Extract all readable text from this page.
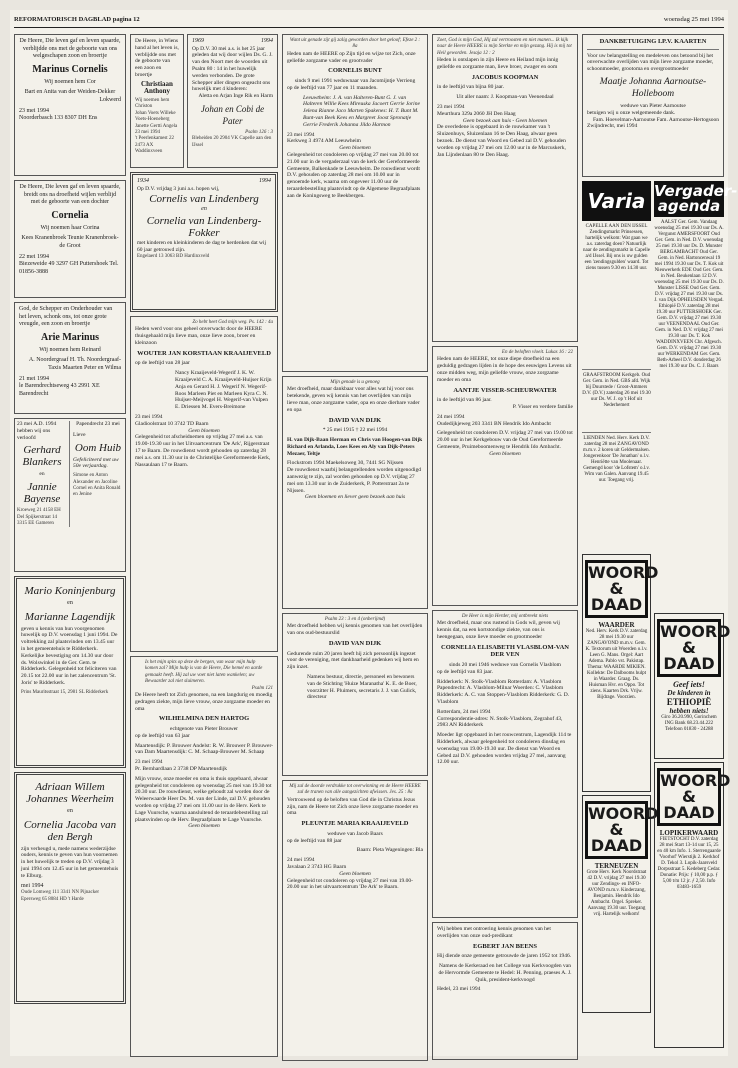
REFORMATORISCH DAGBLAD pagina 12	woensdag 25 mei 1994
De Heere, Die leven gaf en leven spaarde, verblijdde ons met de geboorte van ons welgeschapen zoon en broertje
Marinus Cornelis
Wij noemen hem Cor
Bart en Anita van der Weiden-Dekker
Lokwerd
23 mei 1994
Noorderbasch 133 8307 DH Ens
De Heere, Die leven gaf en leven spaarde, breidt ons na droefheid wijlen verblijd met de geboorte van een dochter
Cornelia
Wij noemen haar Corina
Kees Kranenbroek Teunie Kranenbroek-de Groot
22 mei 1994
Biezeweide 49 3297 GH Puttershoek Tel. 01856-3888
God, de Schepper en Onderhouder van het leven, schonk ons, tot onze grote vreugde, een zoon en broertje
Arie Marinus
Wij noemen hem Reinard
A. Noordergraaf H. Th. Noordergraaf-Taxis Maarten Peter en Wilma
21 mei 1994
le Barendrechtseweg 43 2991 XE Barendrecht
23 mei A.D. 1994 hebben wij ons verloofd
Gerhard Blankers
en
Jannie Bayense
Kroeweg 21 4158 EH Del Spijkerstraat 14 3315 EE Gameren
Papendrecht 23 mei
Lieve
Oom Huib
Gefeliciteerd met uw 50e verjaardag.
Simone en Anton Alexander en Jacoline Cornel en Anita Ronald en Jenine
Mario Koninjenburg
en
Marianne Lagendijk
geven u kennis van hun voorgenomen huwelijk op D.V. woensdag 1 juni 1994. De voltrekking zal plaatsvinden om 13.45 uur in het gemeentehuis te Ridderkerk. Kerkelijke bevestiging om 14.30 uur door ds. Wolswinkel in de Ger. Gem. te Ridderkerk. Gelegenheid tot feliciteren van 20.15 tot 22.00 uur in het zalencentrum 'St. Joris' te Ridderkerk.
Prins Mauritsstraat 15, 2981 SL Ridderkerk
Adriaan Willem Johannes Weerheim
en
Cornelia Jacoba van den Bergh
zijn verheugd u, mede namens wederzijdse ouders, kennis te geven van hun voornemen in het huwelijk te treden op D.V. vrijdag 3 juni 1994 om 12.45 uur in het gemeentehuis te Elburg.
mei 1994
Oude Lomweg 111 3341 NN Pijnacker Epersweg 65 8084 HD 't Harde
De Heere, in Wiens hand al het leven is, verblijdde ons met de geboorte van een zoon en broertje
Christiaan Anthony
Wij noemen hem Christon
Johan Voets Willeke Voets-Hoeneberg Janette Gertti Angela
23 mei 1994
't Peerlenkamest 22 2473 AX Waddinxveen
1969	1994
Op D.V. 30 mei a.s. is het 25 jaar geleden dat wij door wijlen Ds. G. J. van den Noort met de woorden uit Psalm 80 : 14 in het huwelijk werden verbonden. De grote Schepper aller dingen ongeacht ons huwelijk met 4 kinderen:
Aletta en Arjan Inge Rik en Harm
Johan en Cobi de Pater
Psalm 126 : 3
Bleheiden 20 2904 VK Capelle aan den IJssel
1934	1994
Op D.V. vrijdag 3 juni a.s. hopen wij,
Cornelis van Lindenberg
en
Cornelia van Lindenberg-Fokker
met kinderen en kleinkinderen de dag te herdenken dat wij 60 jaar getrouwd zijn.
Engelaerd 13 3063 BD Hardinxveld
Zo hebt heet God mijn weg. Ps. 142 : 4a
Heden werd voor ons geheel onverwacht door de HEERE thuisgehaald mijn lieve man, onze lieve zoon, broer en kleinzoon
WOUTER JAN KORSTIAAN KRAAIJEVELD
op de leeftijd van 28 jaar
Nancy Kraaijeveld-Wegerif J. K. W. Kraaijeveld C. A. Kraaijeveld-Huijser Krijn Anja en Gerard H. J. Wegerif N. Wegerif-Roos Marleen Piet en Marleen Kyra C. N. Huijser-Meijvogel H. Wegerif-van Vulpen E. Driessen M. Evers-Breimone
23 mei 1994
Gladioolstraat 10 3742 TD Baarn
Geen bloemen
Gelegenheid tot afscheidnemen op vrijdag 27 mei a.s. van 19.00-19.30 uur in het Uitvaartcentrum 'De Ark', Rijgerstraat 17 te Baarn. De rouwdienst wordt gehouden op zaterdag 28 mei a.s. om 11.30 uur in de Christelijke Gereformeerde Kerk, Nassaulaan 17 te Baarn.
Is het mijn spits op deze de bergen, van waar mijn hulp komen zal? Mijn hulp is van de Heere, Die hemel en aarde gemaakt heeft. Hij zal uw voet niet laten wankelen; uw Bewaarder zal niet sluimeren.
Psalm 121
De Heere heeft tot Zich genomen, na een langdurig en moedig gedragen ziekte, mijn lieve vrouw, onze zorgzame moeder en oma
WILHELMINA DEN HARTOG
echtgenote van Pieter Brouwer
op de leeftijd van 63 jaar
Maartensdijk: P. Brouwer Andelst: R. W. Brouwer P. Brouwer-van Dam Maartensdijk: C. M. Schaap-Brouwer M. Schaap
23 mei 1994
Pr. Bernhardlaan 2 3738 DP Maartensdijk
Mijn vrouw, onze moeder en oma is thuis opgebaard, alwaar gelegenheid tot condoleren op woensdag 25 mei van 19.30 tot 20.30 uur. De rouwdienst, welke gehoudt zal worden door de Weleerwaarde Heer Ds. M. van der Linde, zal D.V. gehouden worden op vrijdag 27 mei om 11.00 uur in de Herv. Kerk te Lage Vuursche, waarna aansluitend de teraardebestelling zal plaatsvinden op de Herv. Begraafplaats te Lage Vuursche.
Geen bloemen
Want uit genade zijt gij zalig geworden door het geloof; Efeze 2 : 8a
Heden nam de HEERE op Zijn tijd en wijze tot Zich, onze geliefde zorgzame vader en grootvader
CORNELIS BUNT
sinds 9 mei 1991 weduwnaar van Jacomijntje Verrieng
op de leeftijd van 77 jaar en 11 maanden.
Leeuwtheim: J. A. van Halteren-Bunt G. J. van Halteren Willie Kees Mireuska Jacoert Gerrie Jorine Jelena Rianne Jaco Marten Spakenes: H. T. Bunt M. Bunt-van Beek Kees en Margreet Joost Spronatje Gerrie Frederik Johanna Jildo Harmon
23 mei 1994
Kerkweg 3 4974 AM Leeuwheim
Geen bloemen
Gelegenheid tot condoleren op vrijdag 27 mei van 20.00 tot 21.00 uur in de vergaderzaal van de kerk der Gereformeerde Gemeente, Balkenkade te Leeuwheim. De rouwdienst wordt D.V. gehouden op zaterdag 28 mei om 10.00 uur in genoemde kerk, waarna om ongeveer 11.00 uur de teraardebestelling plaatsvindt op de Algemene Begraafplaats aan de Koningsweg te Beekbergen.
Mijn genade is u genoeg
Met droefheid, maar dankbaar voor alles wat hij voor ons betekende, geven wij kennis van het overlijden van mijn lieve man, onze zorgzame vader, opa en onze dierbare vader en opa
DAVID VAN DIJK
* 25 mei 1915 † 22 mei 1994
H. van Dijk-Baan Herman en Chris van Hoogen-van Dijk Richard en Arlanda, Loes Kees en Aly van Dijk-Peters Mezaer, Teltje
Flockstrom 1994 Maekelsoweg 30, 7441 SG Nijssen
De rouwdienst waarbij belangstellenden worden uitgenodigd aanwezig te zijn, zal worden gehouden op D.V. vrijdag 27 mei om 13.30 uur in de Zuiderkerk, P. Potterstraat 2a te Nijssen.
Geen bloemen en liever geen bezoek aan huis
Psalm 23 : 3 en 4 (onberijmd)
Met droefheid hebben wij kennis genomen van het overlijden van ons oud-bestuurslid
DAVID VAN DIJK
Gedurende ruim 20 jaren heeft hij zich persoonlijk ingezet voor de vereniging, met dankbaarheid gedenken wij hem en zijn inzet.
Namens bestuur, directie, personeel en bewoners van de Stichting 'Huize Maranatha' K. E. de Boer, voorzitter H. Pluimers, secretaris J. J. van Gulick, directeur
Mij zal de doorde verdrukke tot overwinning en de Heere HEERE zal de tranen van alle aangezichten afwissen. Jes. 25 : 8a
Vertrouwend op de beloften van God die in Christus Jezus zijn, nam de Heere tot Zich onze lieve zorgzame moeder en oma
PLEUNTJE MARIA KRAAIJEVELD
weduwe van Jacob Baars
op de leeftijd van 88 jaar
Baarn: Pieta Wageningen: Bla
24 mei 1994
Javalaan 2 3743 HG Baarn
Geen bloemen
Gelegenheid tot condoleren op vrijdag 27 mei van 19.00-20.00 uur in het uitvaartcentrum 'De Ark' te Baarn.
Zoet, God is mijn God, Hij zal vertroosten en niet manen... Ik kijk naar de Heere HEERE is mijn Sterkte en mijn gezang. Hij is mij tot Heil geworden. Jesaja 12 : 2
Heden is ontslapen in zijn Heere en Heiland mijn innig geliefde en zorgzame man, lieve broer, zwager en oom
JACOBUS KOOPMAN
in de leeftijd van bijna 80 jaar.
Uit aller naam: J. Koopman-van Veenendaal
23 mei 1994
Meurthura 329a 2060 JH Den Haag
Geen bezoek aan huis - Geen bloemen
De overledene is opgebaard in de rouwkamer van 't Sluizenhuys, Sluizenlaan 16 te Den Haag, alwaar geen bezoek. De dienst van Woord en Gebed zal D.V. gehouden worden op vrijdag 27 mei om 12.00 uur in de Marcuskerk, Jan Lijndenlaan 80 te Den Haag.
En de beloften vloeit. Lukas 16 : 22
Heden nam de HEERE, tot onze diepe droefheid na een geduldig gedragen lijden in de hope des eeuwigen Levens uit onze midden weg, mijn geliefde vrouw, onze zorgzame moeder en oma
AANTJE VISSER-SCHEURWATER
in de leeftijd van 86 jaar.
P. Visser en verdere familie
24 mei 1994
Oudedijkjeweg 203 3341 BN Hendrik Ido Ambacht
Gelegenheid tot condoleren D.V. vrijdag 27 mei van 19.00 tot 20.00 uur in het Kerkgebouw van de Oud Gereformeerde Gemeente, Pruimeboomenweg te Hendrik Ido Ambacht.
Geen bloemen
De Heer is mijn Herder, mij ontbreekt niets
Met droefheid, maar ons rustend in Gods wil, geven wij kennis dat, na een kortstondige ziekte, van ons is heengegaan, onze lieve moeder en grootmoeder
CORNELIA ELISABETH VLASBLOM-VAN DER VEN
sinds 20 mei 1946 weduwe van Cornelis Vlasblom
op de leeftijd van 83 jaar.
Ridderkerk: N. Stolk-Vlasblom Rotterdam: A. Vlasblom Papendrecht: A. Vlasblom-Milnar Woerden: C. Vlasblom Ridderkerk: A. C. van Stoppen-Vlasblom Ridderkerk: G. D. Vlasblom
Rotterdam, 24 mei 1994
Correspondentie-adres: N. Stolk-Vlasblom, Zegrahof 43, 2983 AN Ridderkerk
Moeder ligt opgebaard in het rouwcentrum, Lagendijk 114 te Ridderkerk, alwaar gelegenheid tot condoleren dinsdag en woensdag van 19.00-19.30 uur. De dienst van Woord en Gebed zal D.V. gehouden worden vrijdag 27 mei, aanvang 12.00 uur.
Wij hebben met ontroering kennis genomen van het overlijden van onze oud-predikant
EGBERT JAN BEENS
Hij diende onze gemeente getrouwde de jaren 1952 tot 1946.
Namens de Kerkeraad en het College van Kerkvoogden van de Hervormde Gemeente te Hedel: H. Penning, praeses A. J. Quik, president-kerkvoogd
Hedel, 23 mei 1994
DANKBETUIGING I.P.V. KAARTEN
Voor uw belangstelling en medeleven ons betoond bij het onverwachte overlijden van mijn lieve zorgzame moeder, schoonmoeder, grootoma en overgrootmoeder
Maatje Johanna Aarnoutse-Holleboom
weduwe van Pieter Aarnoutse
betuigen wij u onze welgemeende dank.
Fam. Hoevelman-Aarnoutse Fam. Aarnoutse-Hertogsoon
Zwijndrecht, mei 1994
Varia
CAPELLE AAN DEN IJSSEL Zendingsmarkt Prinsessen, hartelijk welkom: Wat gaan we a.s. zaterdag doen? Natuurlijk naar de zendingsmarkt in Capelle a/d IJssel. Bij ons is uw gulden een 'zendingsgulden' waard. Tot ziens tussen 9.30 en 14.30 uur.
GRAAFSTROOM Kerkgeb. Oud Ger. Gem. in Ned. GBS afd. Wijk bij Duurstede / Groot-Ammers D.V. (D.V.) zaterdag 26 mei 19.30 uur Ds. W. J. op 't Hof uit Nederhemert
LIENDEN Ned. Herv. Kerk D.V. zaterdag 28 mei ZANGAVOND m.m.v. 2 koren uit Geldermalsen. Jongerenkoor 'De Jonathan' o.l.v. Henriëtte van Moolenaar. Gemengd koor 'de Lofstem' o.l.v. Wim van Galen. Aanvang 19.45 uur. Toegang vrij.
WOORD
& DAAD
WAARDER
Ned. Herv. Kerk D.V. zaterdag 28 mei 19.30 uur ZANGAVOND m.m.v. Gem. K. Textorum uit Woerden o.l.v. Leen G. Mans. Orgel: Aart Adema. Pablo vst. Pakistap. Thema: WAARDE MIKIEN. Kollekte: De Dalbooms hulpt in Waarder. Graag. Ds. Huisman Hvr. en Oppo. Tot ziens. Kaarten Drk. Vrijw. Bijdrage. Voorzien.
WOORD
& DAAD
TERNEUZEN
Grote Herv. Kerk Noordstraat 42 D.V. vrijdag 27 mei 19.30 uur Zendings- en INFO-AVOND m.m.v. Kinderzang, Benjamin. Hendrik Ido Ambacht. Orgel. Spreker. Aanvang 19.30 uur. Toegang vrij. Hartelijk welkom!
Vergader-agenda
AALST Ger. Gem. Vandaag woensdag 25 mei 19.30 uur Ds. A. Vergunst AMERSFOORT Oud Ger. Gem. in Ned. D.V. woensdag 25 mei 19.30 uur Ds. D. Munster BERGAMBACHT Oud Ger. Gem. in Ned. Hartoncenwal 19 mei 1994 19.30 uur Ds. T. Kok uit Nieuwerkerk EDE Oud Ger. Gem. in Ned. Beukenlaan 12 D.V. woensdag 25 mei 19.30 uur Ds. D. Munster LISSE Oud Ger. Gem. D.V. vrijdag 27 mei 19.30 uur Ds. J. van Dijk OPHEUSDEN Vergad. Ethiopië D.V. zaterdag 28 mei 19.30 uur PUTTERSHOEK Ger. Gem. D.V. vrijdag 27 mei 19.30 uur VEENENDAAL Oud Ger. Gem. in Ned. D.V. vrijdag 27 mei 19.30 uur Ds. T. Kok WADDINXVEEN Chr. Afgesch. Gem. D.V. vrijdag 27 mei 19.30 uur WERKENDAM Ger. Gem. Beth-Arbeel D.V. donderdag 26 mei 19.30 uur Ds. C. J. Baars
WOORD
& DAAD
Geef iets!
De kinderen in
ETHIOPIË
hebben niets!
Giro 36.20.990, Gorinchem ING Bank 68.23.44.222 Telefoon 01830 - 24288
WOORD
& DAAD
LOPIKERWAARD
FIETSTOCHT D.V. zaterdag 28 mei Start 13-14 uur 15, 25 en 40 km Info. 1. Sterrengaarde 'Voorhof' Wierstijk 2. Kerkhof D. Tekol 3. Lopik-Jaarsveld Dorpsstraat 5. Kedeberg Cedar. Donatie: Prijs: ƒ 10,00 p.p. ƒ 5,00 t/m 12 jr. ƒ 2,50. Info 03483-1659
